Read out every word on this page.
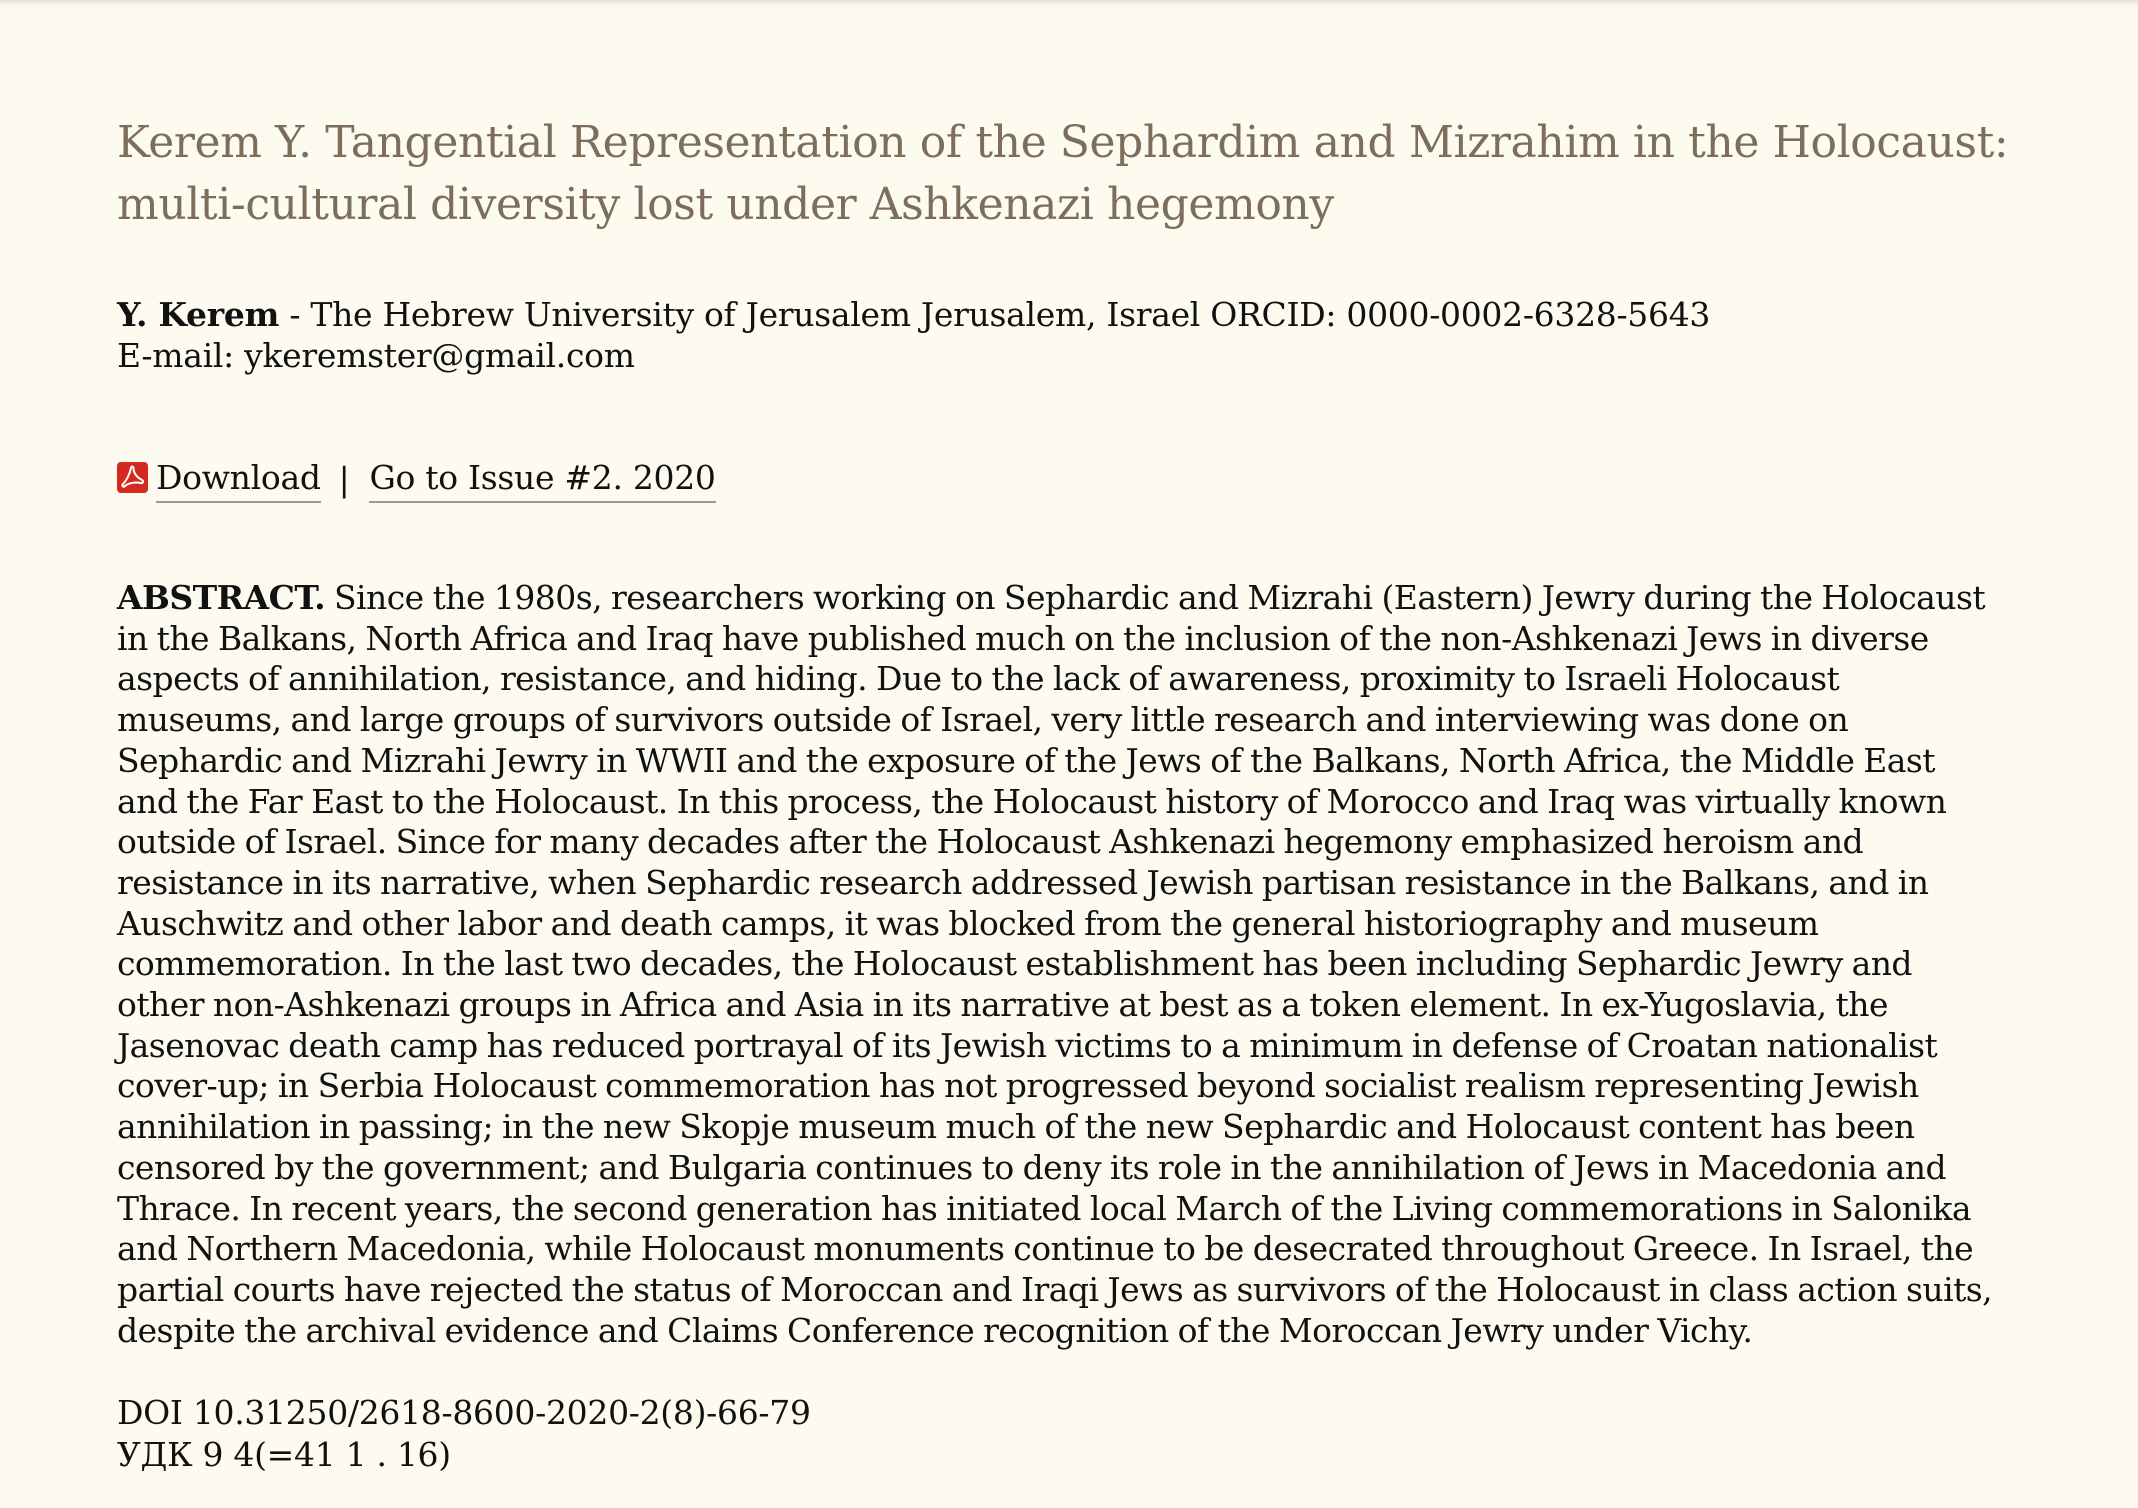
Kerem Y. Tangential Representation of the Sephardim and Mizrahim in the Holocaust: multi-cultural diversity lost under Ashkenazi hegemony
Y. Kerem - The Hebrew University of Jerusalem Jerusalem, Israel ORCID: 0000-0002-6328-5643
E-mail: ykeremster@gmail.com
Download | Go to Issue #2. 2020

ABSTRACT. Since the 1980s, researchers working on Sephardic and Mizrahi (Eastern) Jewry during the Holocaust in the Balkans, North Africa and Iraq have published much on the inclusion of the non-Ashkenazi Jews in diverse aspects of annihilation, resistance, and hiding. Due to the lack of awareness, proximity to Israeli Holocaust museums, and large groups of survivors outside of Israel, very little research and interviewing was done on Sephardic and Mizrahi Jewry in WWII and the exposure of the Jews of the Balkans, North Africa, the Middle East and the Far East to the Holocaust. In this process, the Holocaust history of Morocco and Iraq was virtually known outside of Israel. Since for many decades after the Holocaust Ashkenazi hegemony emphasized heroism and resistance in its narrative, when Sephardic research addressed Jewish partisan resistance in the Balkans, and in Auschwitz and other labor and death camps, it was blocked from the general historiography and museum commemoration. In the last two decades, the Holocaust establishment has been including Sephardic Jewry and other non-Ashkenazi groups in Africa and Asia in its narrative at best as a token element. In ex-Yugoslavia, the Jasenovac death camp has reduced portrayal of its Jewish victims to a minimum in defense of Croatan nationalist cover-up; in Serbia Holocaust commemoration has not progressed beyond socialist realism representing Jewish annihilation in passing; in the new Skopje museum much of the new Sephardic and Holocaust content has been censored by the government; and Bulgaria continues to deny its role in the annihilation of Jews in Macedonia and Thrace. In recent years, the second generation has initiated local March of the Living commemorations in Salonika and Northern Macedonia, while Holocaust monuments continue to be desecrated throughout Greece. In Israel, the partial courts have rejected the status of Moroccan and Iraqi Jews as survivors of the Holocaust in class action suits, despite the archival evidence and Claims Conference recognition of the Moroccan Jewry under Vichy.

DOI 10.31250/2618-8600-2020-2(8)-66-79
УДК 9 4(=41 1 . 16)
